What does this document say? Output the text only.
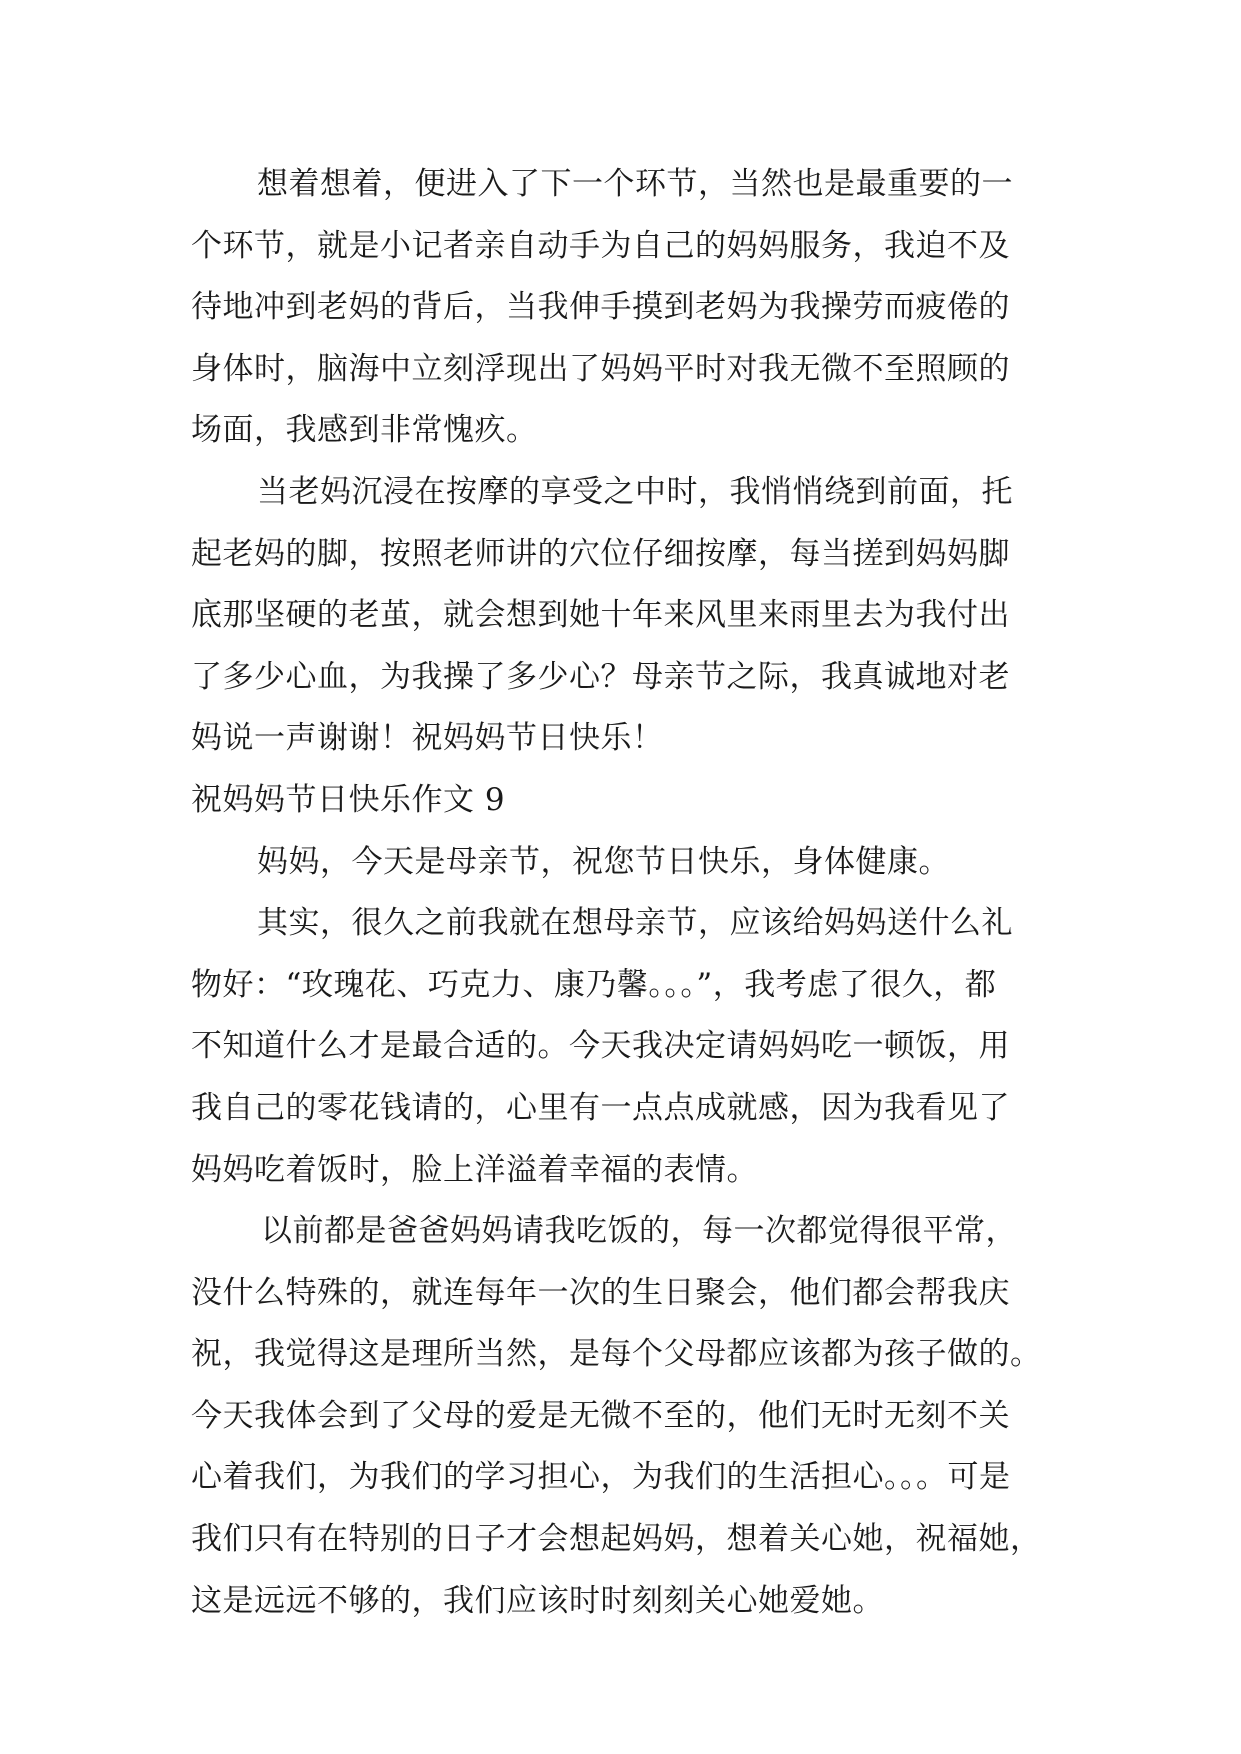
想着想着，便进入了下一个环节，当然也是最重要的一
个环节，就是小记者亲自动手为自己的妈妈服务，我迫不及
待地冲到老妈的背后，当我伸手摸到老妈为我操劳而疲倦的
身体时，脑海中立刻浮现出了妈妈平时对我无微不至照顾的
场面，我感到非常愧疚。
当老妈沉浸在按摩的享受之中时，我悄悄绕到前面，托
起老妈的脚，按照老师讲的穴位仔细按摩，每当搓到妈妈脚
底那坚硬的老茧，就会想到她十年来风里来雨里去为我付出
了多少心血，为我操了多少心？母亲节之际，我真诚地对老
妈说一声谢谢！祝妈妈节日快乐！
祝妈妈节日快乐作文 9
妈妈，今天是母亲节，祝您节日快乐，身体健康。
其实，很久之前我就在想母亲节，应该给妈妈送什么礼
物好：“玫瑰花、巧克力、康乃馨。。。”，我考虑了很久，都
不知道什么才是最合适的。今天我决定请妈妈吃一顿饭，用
我自己的零花钱请的，心里有一点点成就感，因为我看见了
妈妈吃着饭时，脸上洋溢着幸福的表情。
以前都是爸爸妈妈请我吃饭的，每一次都觉得很平常，
没什么特殊的，就连每年一次的生日聚会，他们都会帮我庆
祝，我觉得这是理所当然，是每个父母都应该都为孩子做的。
今天我体会到了父母的爱是无微不至的，他们无时无刻不关
心着我们，为我们的学习担心，为我们的生活担心。。。可是
我们只有在特别的日子才会想起妈妈，想着关心她，祝福她，
这是远远不够的，我们应该时时刻刻关心她爱她。
